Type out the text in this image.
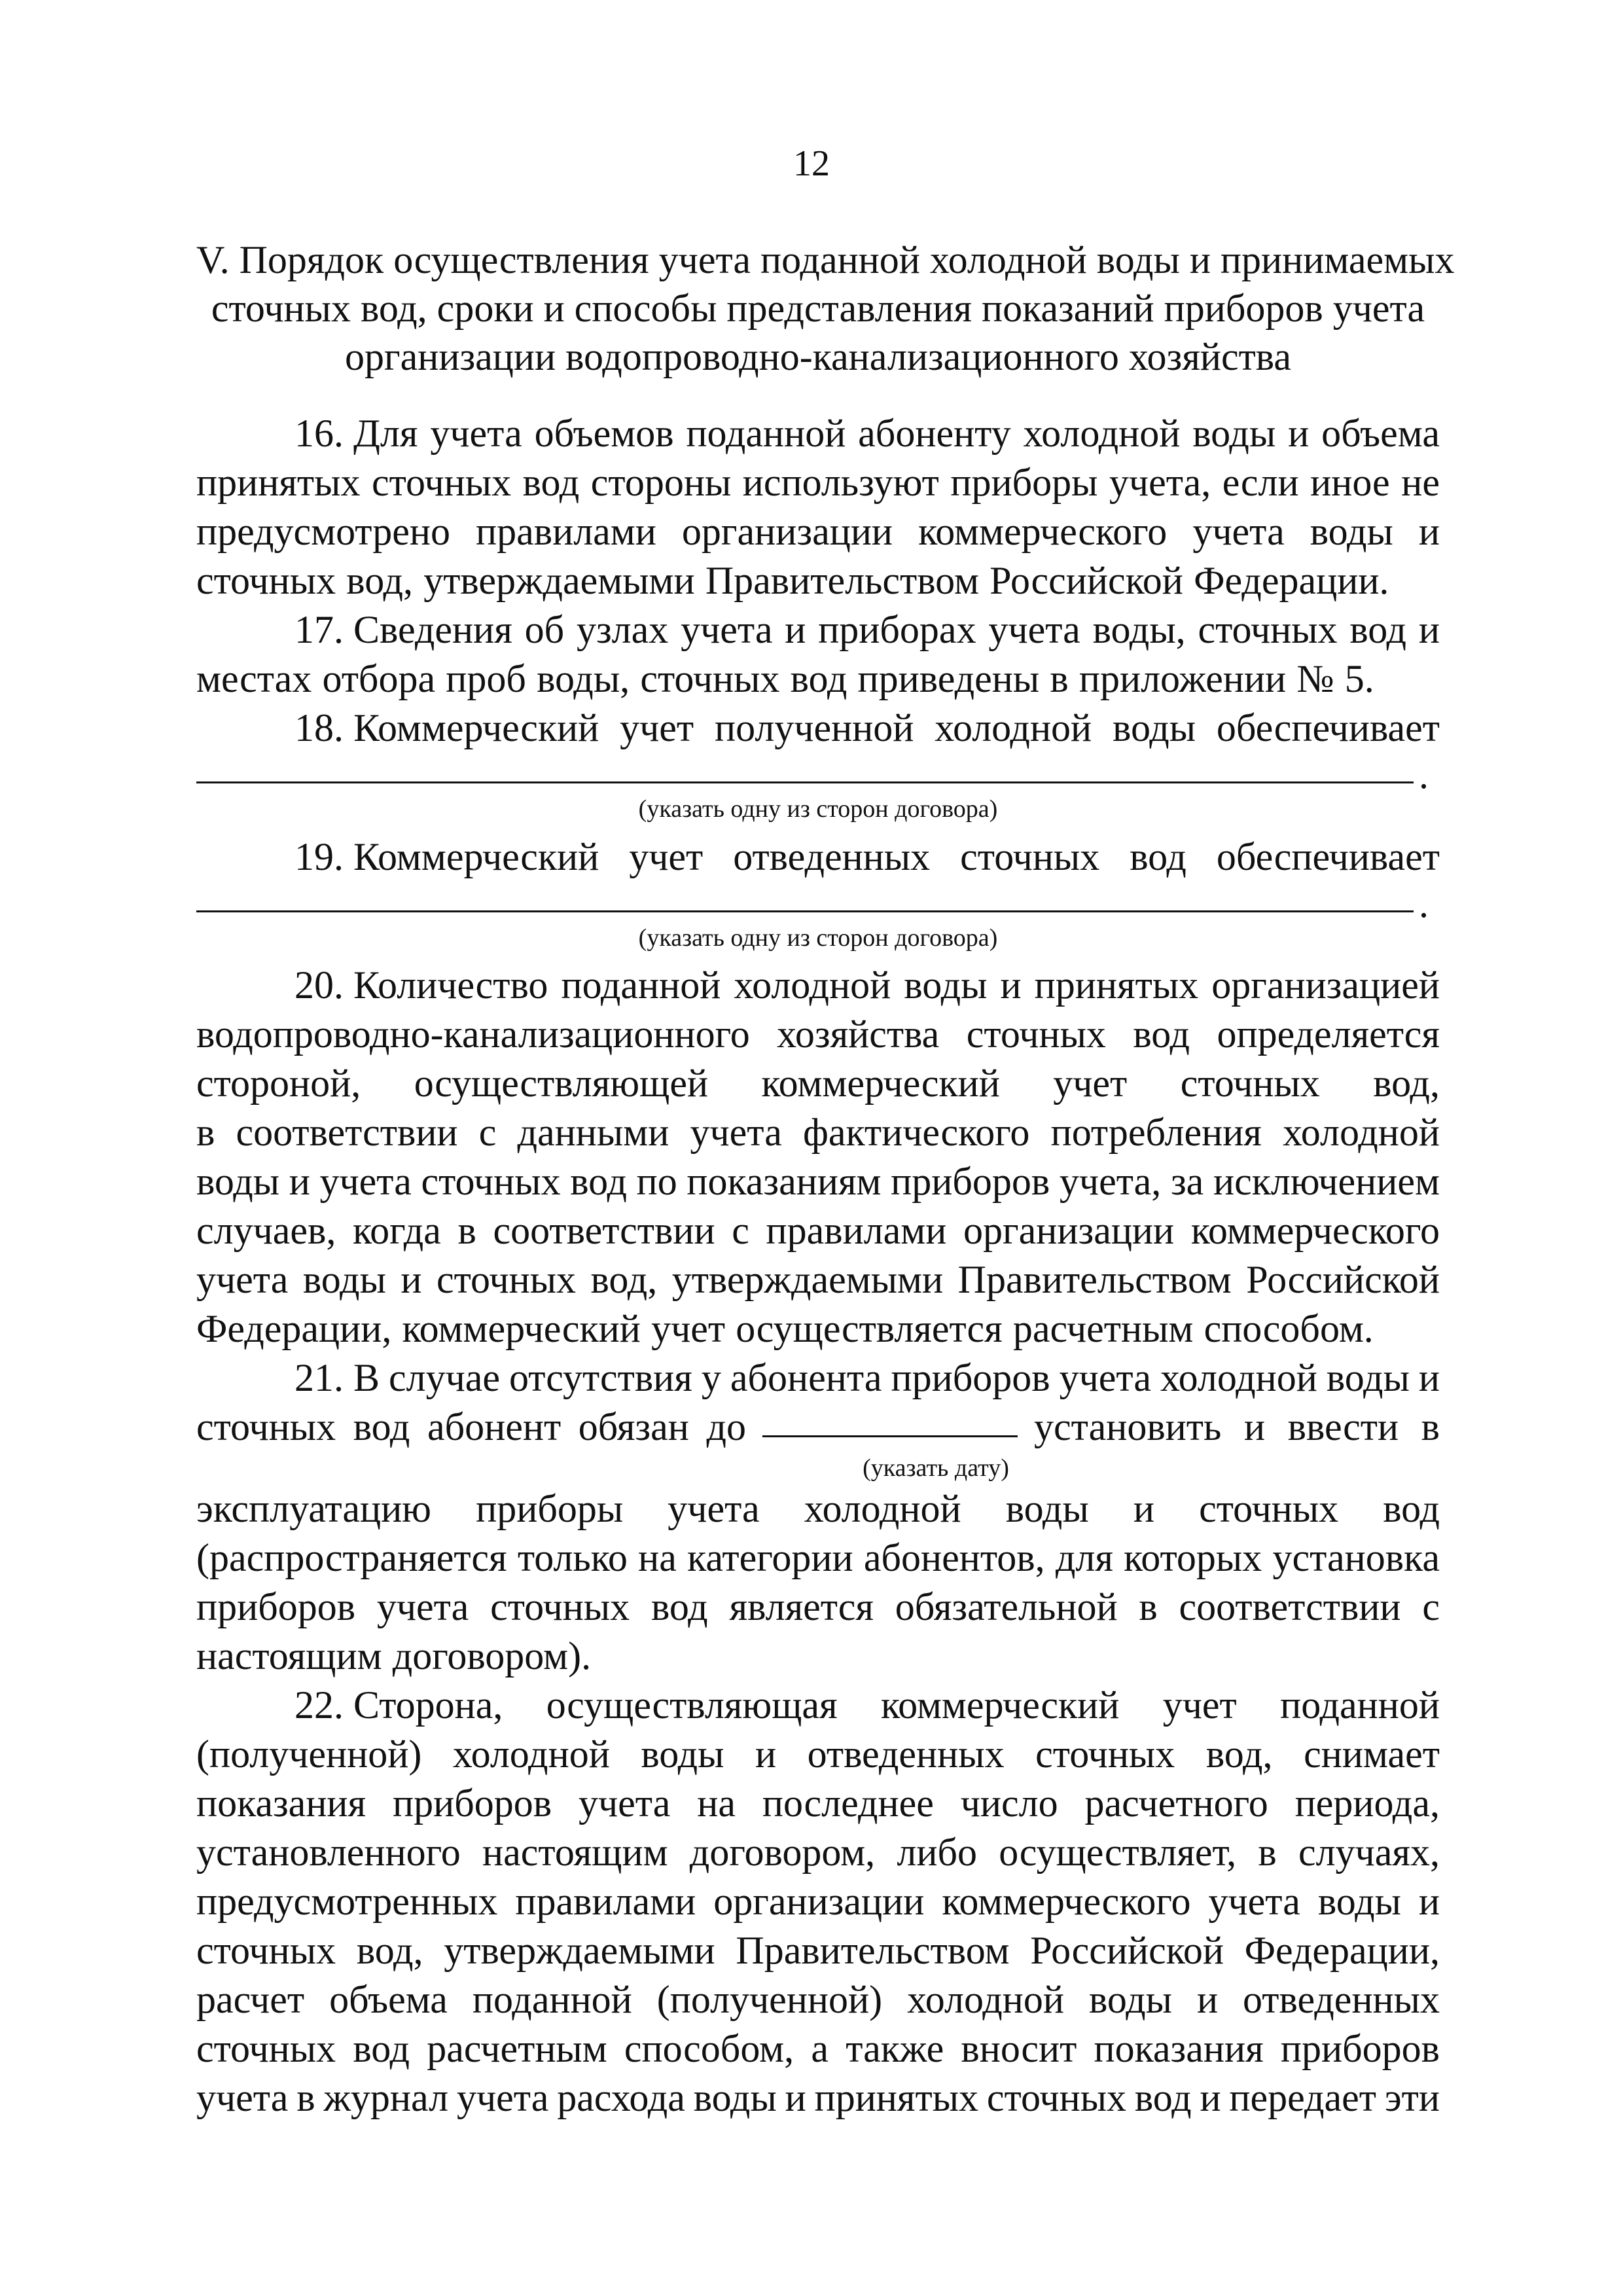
12
V. Порядок осуществления учета поданной холодной воды и принимаемых
сточных вод, сроки и способы представления показаний приборов учета
организации водопроводно-канализационного хозяйства
16. Для учета объемов поданной абоненту холодной воды и объема
принятых сточных вод стороны используют приборы учета, если иное не
предусмотрено правилами организации коммерческого учета воды и
сточных вод, утверждаемыми Правительством Российской Федерации.
17. Сведения об узлах учета и приборах учета воды, сточных вод и
местах отбора проб воды, сточных вод приведены в приложении № 5.
18. Коммерческий учет полученной холодной воды обеспечивает
.
(указать одну из сторон договора)
19. Коммерческий учет отведенных сточных вод обеспечивает
.
(указать одну из сторон договора)
20. Количество поданной холодной воды и принятых организацией
водопроводно-канализационного хозяйства сточных вод определяется
стороной, осуществляющей коммерческий учет сточных вод,
в соответствии с данными учета фактического потребления холодной
воды и учета сточных вод по показаниям приборов учета, за исключением
случаев, когда в соответствии с правилами организации коммерческого
учета воды и сточных вод, утверждаемыми Правительством Российской
Федерации, коммерческий учет осуществляется расчетным способом.
21. В случае отсутствия у абонента приборов учета холодной воды и
сточных вод абонент обязан до	установить и ввести в
(указать дату)
эксплуатацию приборы учета холодной воды и сточных вод
(распространяется только на категории абонентов, для которых установка
приборов учета сточных вод является обязательной в соответствии с
настоящим договором).
22. Сторона, осуществляющая коммерческий учет поданной
(полученной) холодной воды и отведенных сточных вод, снимает
показания приборов учета на последнее число расчетного периода,
установленного настоящим договором, либо осуществляет, в случаях,
предусмотренных правилами организации коммерческого учета воды и
сточных вод, утверждаемыми Правительством Российской Федерации,
расчет объема поданной (полученной) холодной воды и отведенных
сточных вод расчетным способом, а также вносит показания приборов
учета в журнал учета расхода воды и принятых сточных вод и передает эти
